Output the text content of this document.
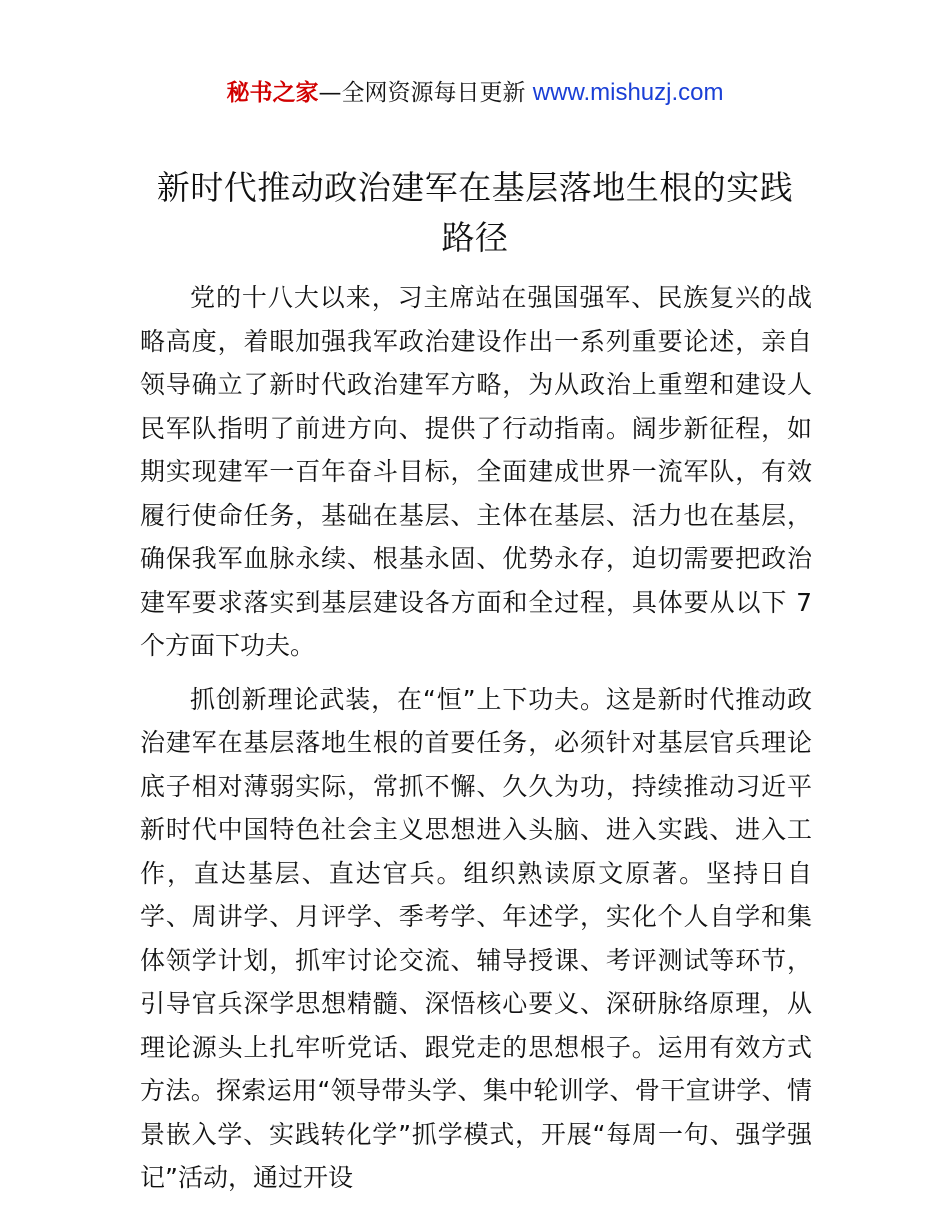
秘书之家—全网资源每日更新 www.mishuzj.com
新时代推动政治建军在基层落地生根的实践
路径

党的十八大以来，习主席站在强国强军、民族复兴的战略高度，着眼加强我军政治建设作出一系列重要论述，亲自领导确立了新时代政治建军方略，为从政治上重塑和建设人民军队指明了前进方向、提供了行动指南。阔步新征程，如期实现建军一百年奋斗目标，全面建成世界一流军队，有效履行使命任务，基础在基层、主体在基层、活力也在基层，确保我军血脉永续、根基永固、优势永存，迫切需要把政治建军要求落实到基层建设各方面和全过程，具体要从以下 7 个方面下功夫。

抓创新理论武装，在“恒”上下功夫。这是新时代推动政治建军在基层落地生根的首要任务，必须针对基层官兵理论底子相对薄弱实际，常抓不懈、久久为功，持续推动习近平新时代中国特色社会主义思想进入头脑、进入实践、进入工作，直达基层、直达官兵。组织熟读原文原著。坚持日自学、周讲学、月评学、季考学、年述学，实化个人自学和集体领学计划，抓牢讨论交流、辅导授课、考评测试等环节，引导官兵深学思想精髓、深悟核心要义、深研脉络原理，从理论源头上扎牢听党话、跟党走的思想根子。运用有效方式方法。探索运用“领导带头学、集中轮训学、骨干宣讲学、情景嵌入学、实践转化学”抓学模式，开展“每周一句、强学强记”活动，通过开设
